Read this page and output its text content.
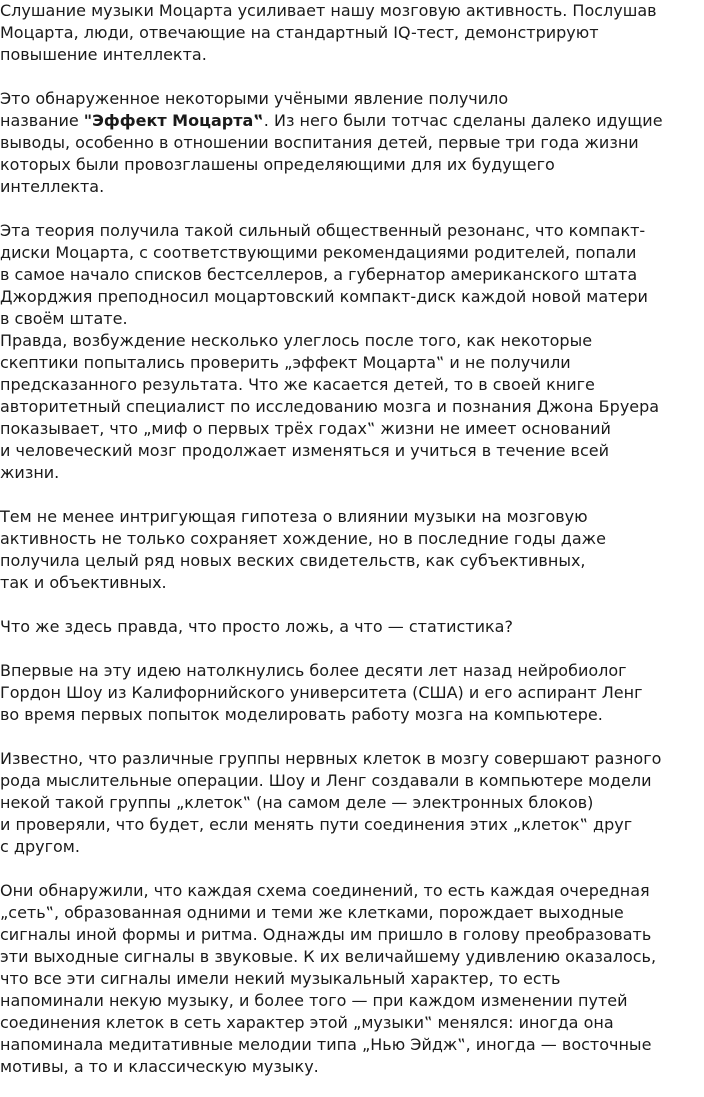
Слушание музыки Моцарта усиливает нашу мозговую активность. Послушав
Моцарта, люди, отвечающие на стандартный IQ-тест, демонстрируют
повышение интеллекта.
Это обнаруженное некоторыми учёными явление получило
название "Эффект Моцарта‟. Из него были тотчас сделаны далеко идущие
выводы, особенно в отношении воспитания детей, первые три года жизни
которых были провозглашены определяющими для их будущего
интеллекта.
Эта теория получила такой сильный общественный резонанс, что компакт-
диски Моцарта, с соответствующими рекомендациями родителей, попали
в самое начало списков бестселлеров, а губернатор американского штата
Джорджия преподносил моцартовский компакт-диск каждой новой матери
в своём штате.
Правда, возбуждение несколько улеглось после того, как некоторые
скептики попытались проверить „эффект Моцарта‟ и не получили
предсказанного результата. Что же касается детей, то в своей книге
авторитетный специалист по исследованию мозга и познания Джона Бруера
показывает, что „миф о первых трёх годах‟ жизни не имеет оснований
и человеческий мозг продолжает изменяться и учиться в течение всей
жизни.
Тем не менее интригующая гипотеза о влиянии музыки на мозговую
активность не только сохраняет хождение, но в последние годы даже
получила целый ряд новых веских свидетельств, как субъективных,
так и объективных.
Что же здесь правда, что просто ложь, а что — статистика?
Впервые на эту идею натолкнулись более десяти лет назад нейробиолог
Гордон Шоу из Калифорнийского университета (США) и его аспирант Ленг
во время первых попыток моделировать работу мозга на компьютере.
Известно, что различные группы нервных клеток в мозгу совершают разного
рода мыслительные операции. Шоу и Ленг создавали в компьютере модели
некой такой группы „клеток‟ (на самом деле — электронных блоков)
и проверяли, что будет, если менять пути соединения этих „клеток‟ друг
с другом.
Они обнаружили, что каждая схема соединений, то есть каждая очередная
„сеть‟, образованная одними и теми же клетками, порождает выходные
сигналы иной формы и ритма. Однажды им пришло в голову преобразовать
эти выходные сигналы в звуковые. К их величайшему удивлению оказалось,
что все эти сигналы имели некий музыкальный характер, то есть
напоминали некую музыку, и более того — при каждом изменении путей
соединения клеток в сеть характер этой „музыки‟ менялся: иногда она
напоминала медитативные мелодии типа „Нью Эйдж‟, иногда — восточные
мотивы, а то и классическую музыку.
